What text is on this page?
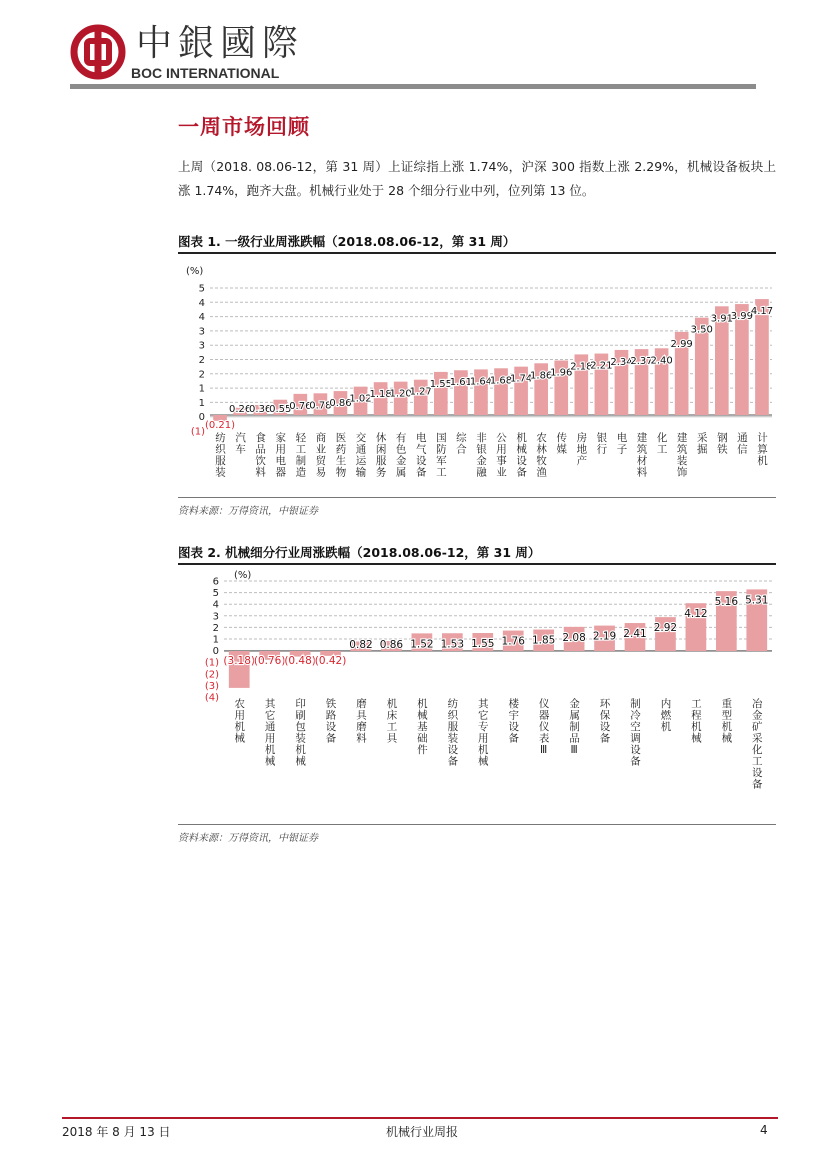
中銀國際
BOC INTERNATIONAL
一周市场回顾
上周（2018. 08.06-12，第 31 周）上证综指上涨 1.74%，沪深 300 指数上涨 2.29%，机械设备板块上涨 1.74%，跑齐大盘。机械行业处于 28 个细分行业中列，位列第 13 位。
图表 1. 一级行业周涨跌幅（2018.08.06-12，第 31 周）
(%)
5
4
4
3
3
2
2
1
1
0
(1)
(0.21)
纺织服装
0.26
汽车
0.36
食品饮料
0.55
家用电器
0.76
轻工制造
0.78
商业贸易
0.86
医药生物
1.02
交通运输
1.18
休闲服务
1.20
有色金属
1.27
电气设备
1.55
国防军工
1.61
综合
1.64
非银金融
1.68
公用事业
1.74
机械设备
1.86
农林牧渔
1.96
传媒
2.18
房地产
2.21
银行
2.34
电子
2.37
建筑材料
2.40
化工
2.99
建筑装饰
3.50
采掘
3.91
钢铁
3.99
通信
4.17
计算机
资料来源：万得资讯，中银证券
图表 2. 机械细分行业周涨跌幅（2018.08.06-12，第 31 周）
(%)
6
5
4
3
2
1
0
(1)
(2)
(3)
(4)
(3.18)
农用机械
(0.76)
其它通用机械
(0.48)
印刷包装机械
(0.42)
铁路设备
0.82
磨具磨料
0.86
机床工具
1.52
机械基础件
1.53
纺织服装设备
1.55
其它专用机械
1.76
楼宇设备
1.85
仪器仪表Ⅲ
2.08
金属制品Ⅲ
2.19
环保设备
2.41
制冷空调设备
2.92
内燃机
4.12
工程机械
5.16
重型机械
5.31
冶金矿采化工设备
资料来源：万得资讯，中银证券
2018 年 8 月 13 日	机械行业周报	4
